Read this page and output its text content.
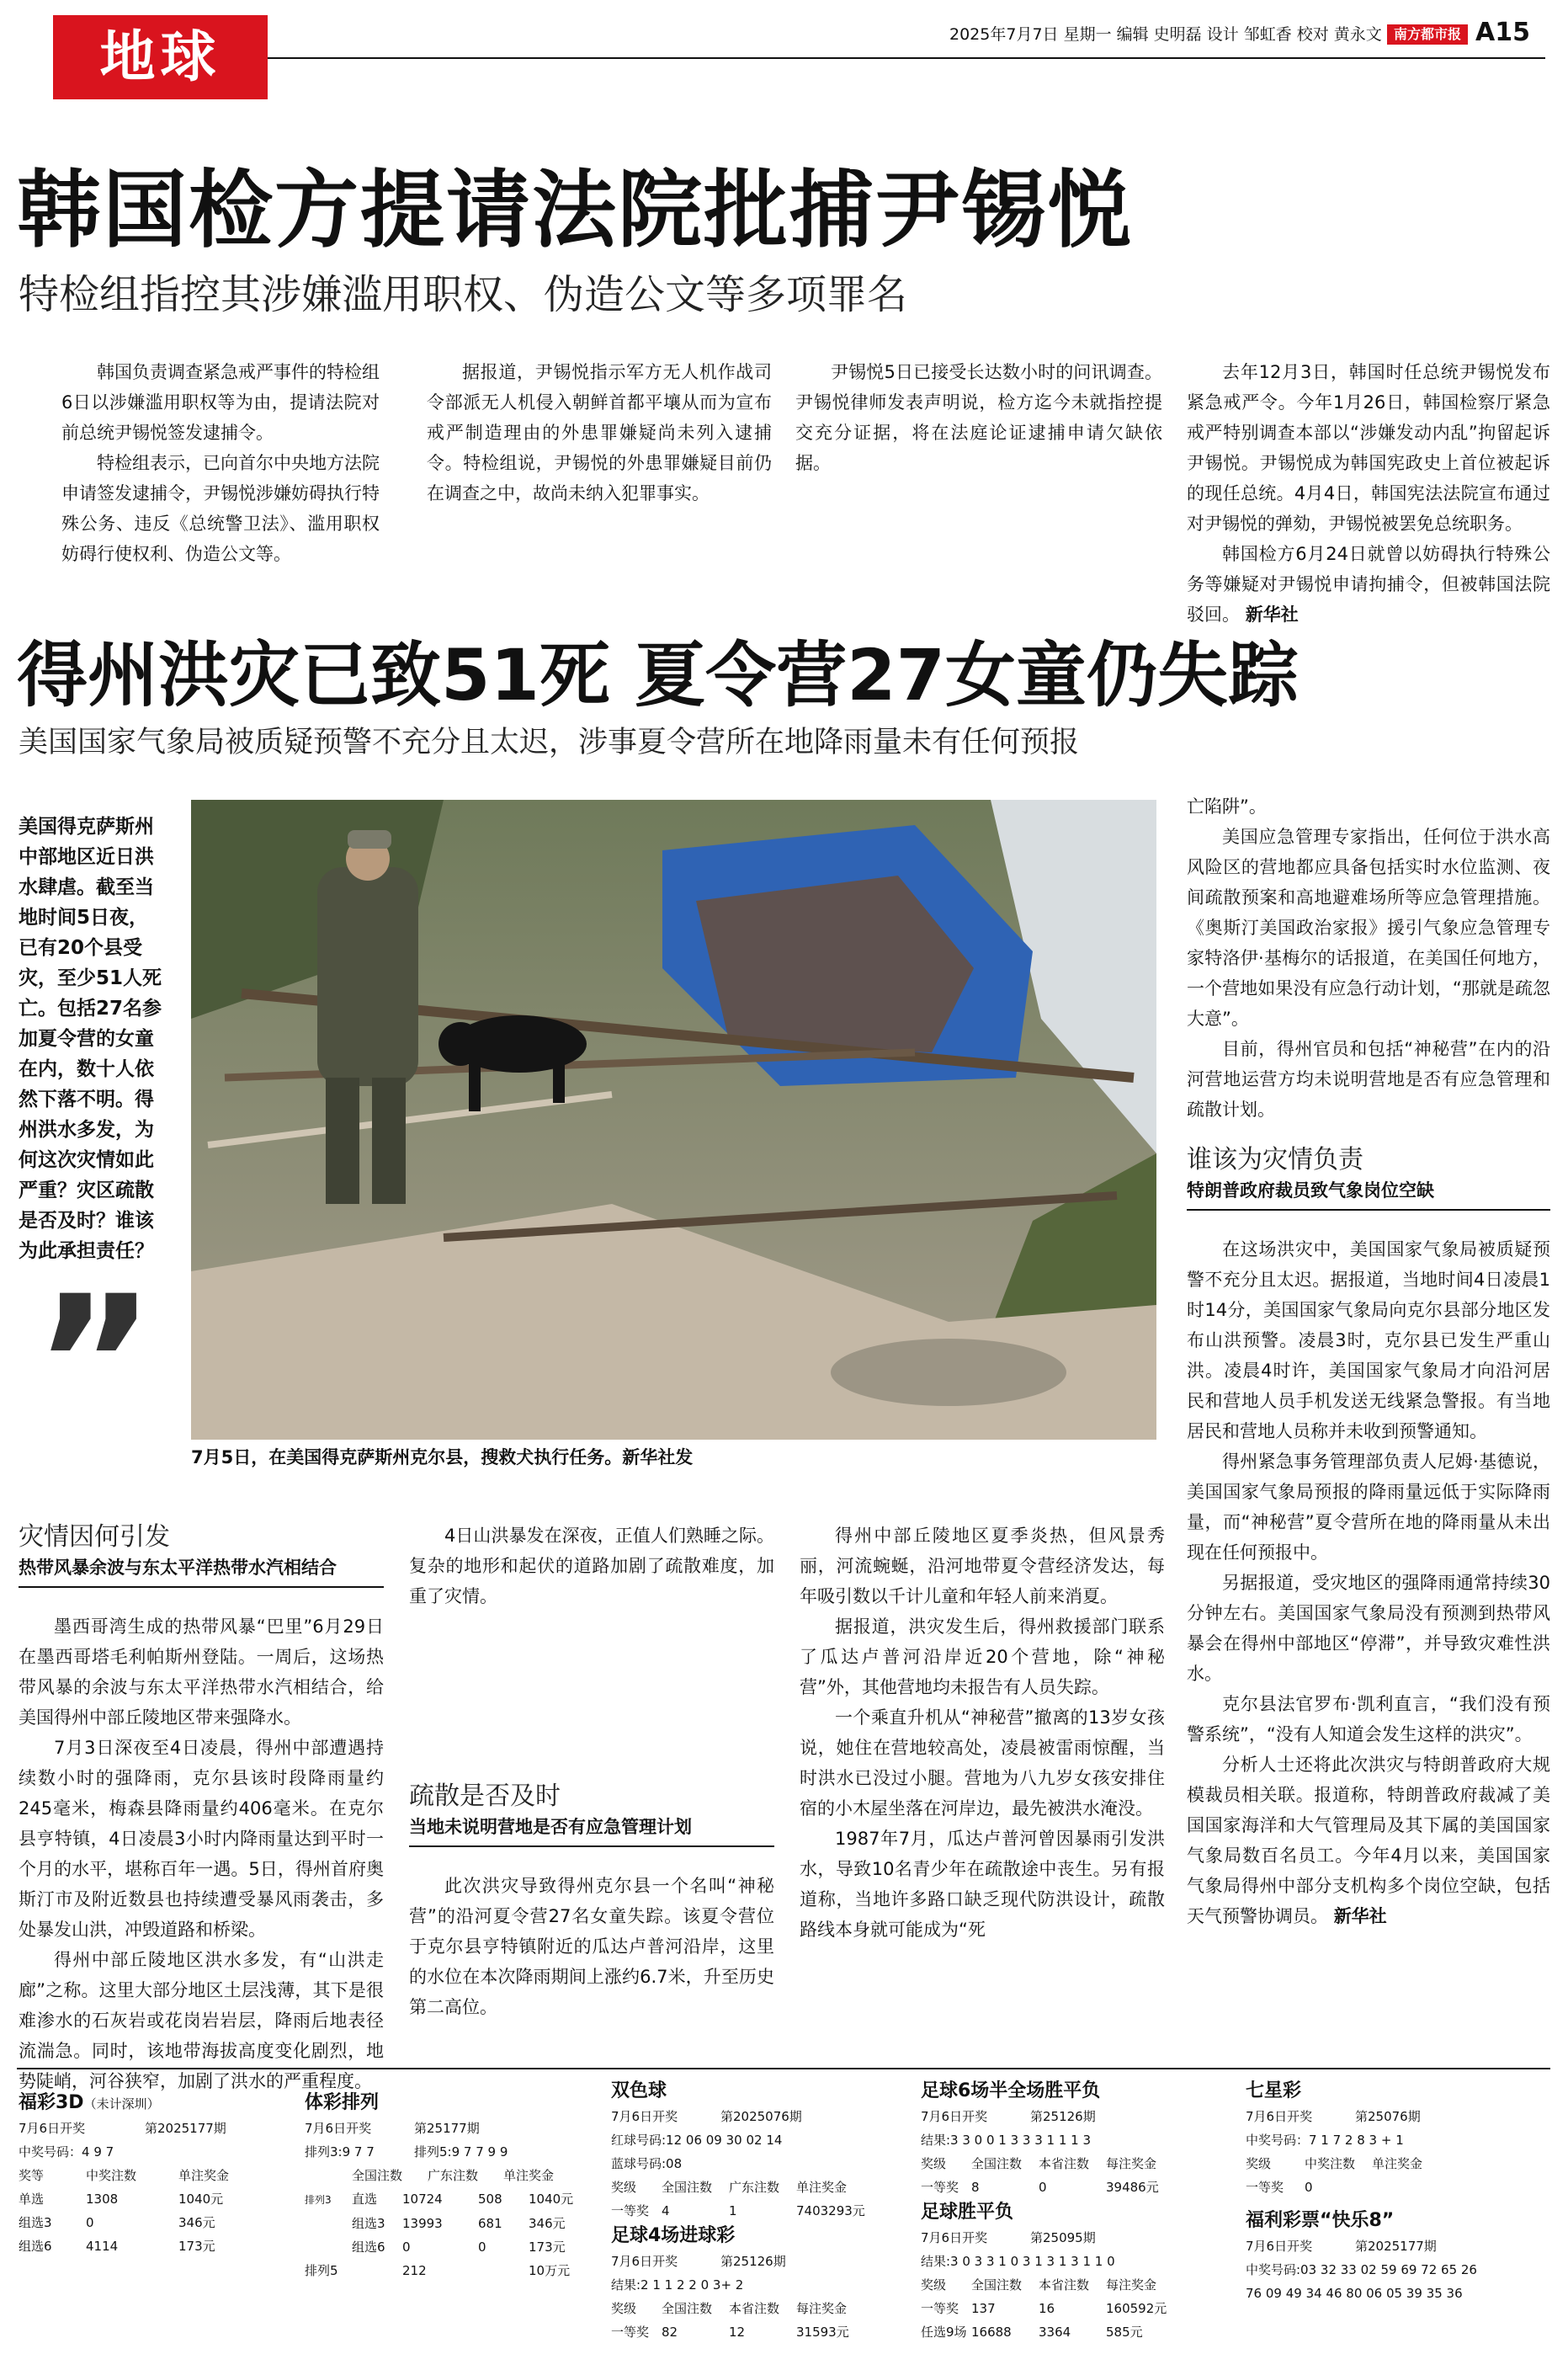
地球	2025年7月7日 星期一 编辑 史明磊 设计 邹虹香 校对 黄永文 南方都市报 A15
韩国检方提请法院批捕尹锡悦
特检组指控其涉嫌滥用职权、伪造公文等多项罪名

韩国负责调查紧急戒严事件的特检组6日以涉嫌滥用职权等为由，提请法院对前总统尹锡悦签发逮捕令。

特检组表示，已向首尔中央地方法院申请签发逮捕令，尹锡悦涉嫌妨碍执行特殊公务、违反《总统警卫法》、滥用职权妨碍行使权利、伪造公文等。

据报道，尹锡悦指示军方无人机作战司令部派无人机侵入朝鲜首都平壤从而为宣布戒严制造理由的外患罪嫌疑尚未列入逮捕令。特检组说，尹锡悦的外患罪嫌疑目前仍在调查之中，故尚未纳入犯罪事实。

尹锡悦5日已接受长达数小时的问讯调查。尹锡悦律师发表声明说，检方迄今未就指控提交充分证据，将在法庭论证逮捕申请欠缺依据。

去年12月3日，韩国时任总统尹锡悦发布紧急戒严令。今年1月26日，韩国检察厅紧急戒严特别调查本部以“涉嫌发动内乱”拘留起诉尹锡悦。尹锡悦成为韩国宪政史上首位被起诉的现任总统。4月4日，韩国宪法法院宣布通过对尹锡悦的弹劾，尹锡悦被罢免总统职务。

韩国检方6月24日就曾以妨碍执行特殊公务等嫌疑对尹锡悦申请拘捕令，但被韩国法院驳回。 新华社

得州洪灾已致51死 夏令营27女童仍失踪
美国国家气象局被质疑预警不充分且太迟，涉事夏令营所在地降雨量未有任何预报
美国得克萨斯州中部地区近日洪水肆虐。截至当地时间5日夜，已有20个县受灾，至少51人死亡。包括27名参加夏令营的女童在内，数十人依然下落不明。得州洪水多发，为何这次灾情如此严重？灾区疏散是否及时？谁该为此承担责任？
” 7月5日，在美国得克萨斯州克尔县，搜救犬执行任务。新华社发

亡陷阱”。

美国应急管理专家指出，任何位于洪水高风险区的营地都应具备包括实时水位监测、夜间疏散预案和高地避难场所等应急管理措施。《奥斯汀美国政治家报》援引气象应急管理专家特洛伊·基梅尔的话报道，在美国任何地方，一个营地如果没有应急行动计划，“那就是疏忽大意”。

目前，得州官员和包括“神秘营”在内的沿河营地运营方均未说明营地是否有应急管理和疏散计划。

谁该为灾情负责
特朗普政府裁员致气象岗位空缺

在这场洪灾中，美国国家气象局被质疑预警不充分且太迟。据报道，当地时间4日凌晨1时14分，美国国家气象局向克尔县部分地区发布山洪预警。凌晨3时，克尔县已发生严重山洪。凌晨4时许，美国国家气象局才向沿河居民和营地人员手机发送无线紧急警报。有当地居民和营地人员称并未收到预警通知。

得州紧急事务管理部负责人尼姆·基德说，美国国家气象局预报的降雨量远低于实际降雨量，而“神秘营”夏令营所在地的降雨量从未出现在任何预报中。

另据报道，受灾地区的强降雨通常持续30分钟左右。美国国家气象局没有预测到热带风暴会在得州中部地区“停滞”，并导致灾难性洪水。

克尔县法官罗布·凯利直言，“我们没有预警系统”，“没有人知道会发生这样的洪灾”。

分析人士还将此次洪灾与特朗普政府大规模裁员相关联。报道称，特朗普政府裁减了美国国家海洋和大气管理局及其下属的美国国家气象局数百名员工。今年4月以来，美国国家气象局得州中部分支机构多个岗位空缺，包括天气预警协调员。 新华社

灾情因何引发
热带风暴余波与东太平洋热带水汽相结合

墨西哥湾生成的热带风暴“巴里”6月29日在墨西哥塔毛利帕斯州登陆。一周后，这场热带风暴的余波与东太平洋热带水汽相结合，给美国得州中部丘陵地区带来强降水。

7月3日深夜至4日凌晨，得州中部遭遇持续数小时的强降雨，克尔县该时段降雨量约245毫米，梅森县降雨量约406毫米。在克尔县亨特镇，4日凌晨3小时内降雨量达到平时一个月的水平，堪称百年一遇。5日，得州首府奥斯汀市及附近数县也持续遭受暴风雨袭击，多处暴发山洪，冲毁道路和桥梁。

得州中部丘陵地区洪水多发，有“山洪走廊”之称。这里大部分地区土层浅薄，其下是很难渗水的石灰岩或花岗岩岩层，降雨后地表径流湍急。同时，该地带海拔高度变化剧烈，地势陡峭，河谷狭窄，加剧了洪水的严重程度。

4日山洪暴发在深夜，正值人们熟睡之际。复杂的地形和起伏的道路加剧了疏散难度，加重了灾情。

疏散是否及时
当地未说明营地是否有应急管理计划

此次洪灾导致得州克尔县一个名叫“神秘营”的沿河夏令营27名女童失踪。该夏令营位于克尔县亨特镇附近的瓜达卢普河沿岸，这里的水位在本次降雨期间上涨约6.7米，升至历史第二高位。

得州中部丘陵地区夏季炎热，但风景秀丽，河流蜿蜒，沿河地带夏令营经济发达，每年吸引数以千计儿童和年轻人前来消夏。

据报道，洪灾发生后，得州救援部门联系了瓜达卢普河沿岸近20个营地，除“神秘营”外，其他营地均未报告有人员失踪。

一个乘直升机从“神秘营”撤离的13岁女孩说，她住在营地较高处，凌晨被雷雨惊醒，当时洪水已没过小腿。营地为八九岁女孩安排住宿的小木屋坐落在河岸边，最先被洪水淹没。

1987年7月，瓜达卢普河曾因暴雨引发洪水，导致10名青少年在疏散途中丧生。另有报道称，当地许多路口缺乏现代防洪设计，疏散路线本身就可能成为“死

福彩3D（未计深圳）
7月6日开奖	第2025177期
中奖号码：4 9 7
奖等	中奖注数	单注奖金
单选	1308	1040元
组选3	0	346元
组选6	4114	173元
体彩排列
7月6日开奖	第25177期
排列3:9 7 7	排列5:9 7 7 9 9
全国注数 广东注数 单注奖金
排列3 直选 10724	508 1040元
组选3 13993	681 346元
组选6 0	0	173元
排列5	212	10万元
双色球
7月6日开奖	第2025076期
红球号码:12 06 09 30 02 14
蓝球号码:08
奖级 全国注数 广东注数 单注奖金
一等奖 4	1	7403293元
足球4场进球彩
7月6日开奖	第25126期
结果:2 1 1 2 2 0 3+ 2
奖级 全国注数 本省注数 每注奖金
一等奖 82	12	31593元
足球6场半全场胜平负
7月6日开奖	第25126期
结果:3 3 0 0 1 3 3 3 1 1 1 3
奖级 全国注数 本省注数 每注奖金
一等奖 8	0	39486元
足球胜平负
7月6日开奖	第25095期
结果:3 0 3 3 1 0 3 1 3 1 3 1 1 0
奖级 全国注数 本省注数 每注奖金
一等奖 137	16	160592元
任选9场 16688 3364	585元
七星彩
7月6日开奖	第25076期
中奖号码：7 1 7 2 8 3 + 1
奖级	中奖注数 单注奖金
一等奖 0
福利彩票“快乐8”
7月6日开奖	第2025177期
中奖号码:03 32 33 02 59 69 72 65 26
76 09 49 34 46 80 06 05 39 35 36
